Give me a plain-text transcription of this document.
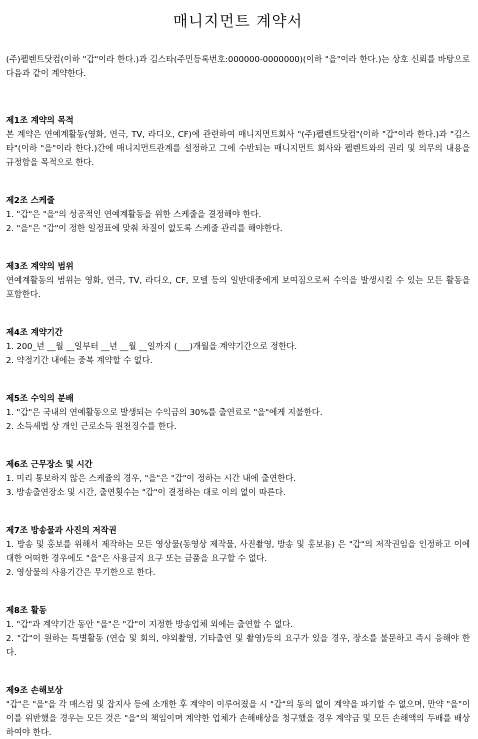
매니지먼트 계약서

(주)펠렌트닷컴(이하 "갑"이라 한다.)과 김스타(주민등록번호:000000-0000000)(이하 "을"이라 한다.)는 상호 신뢰를 바탕으로 다음과 같이 계약한다.

제1조 계약의 목적

본 계약은 연예계활동(영화, 연극, TV, 라디오, CF)에 관련하여 매니지먼트회사 "(주)펠렌트닷컴"(이하 "갑"이라 한다.)과 "김스타"(이하 "을"이라 한다.)간에 매니지먼트관계를 설정하고 그에 수반되는 매니지먼트 회사와 펠렌트와의 권리 및 의무의 내용을 규정함을 목적으로 한다.

제2조 스케줄

1. "갑"은 "을"의 성공적인 연예계활동을 위한 스케줄을 결정해야 한다.

2. "을"은 "갑"이 정한 일정표에 맞춰 차질이 없도록 스케줄 관리를 해야한다.

제3조 계약의 범위

연예계활동의 범위는 영화, 연극, TV, 라디오, CF, 모델 등의 일반대중에게 보여짐으로써 수익을 발생시킬 수 있는 모든 활동을 포함한다.

제4조 계약기간

1. 200_년 __월 __일부터 __년 __월 __일까지 (___)개월을 계약기간으로 정한다.

2. 약정기간 내에는 중복 계약할 수 없다.

제5조 수익의 분배

1. "갑"은 국내의 연예활동으로 발생되는 수익금의 30%를 출연료로 "을"에게 지불한다.

2. 소득세법 상 개인 근로소득 원천징수를 한다.

제6조 근무장소 및 시간

1. 미리 통보하지 않은 스케쥴의 경우, "을"은 "갑"이 정하는 시간 내에 출연한다.

3. 방송출연장소 및 시간, 출연횟수는 "갑"이 결정하는 대로 이의 없이 따른다.

제7조 방송물과 사진의 저작권

1. 방송 및 홍보를 위해서 제작하는 모든 영상물(동영상 제작물, 사진촬영, 방송 및 홍보용) 은 "갑"의 저작권임을 인정하고 이에 대한 어떠한 경우에도 "을"은 사용금지 요구 또는 금품을 요구할 수 없다.

2. 영상물의 사용기간은 무기한으로 한다.

제8조 활동

1. "갑"과 계약기간 동안 "을"은 "갑"이 지정한 방송업체 외에는 출연할 수 없다.

2. "갑"이 원하는 특별활동 (연습 및 회의, 야외촬영, 기타출연 및 촬영)등의 요구가 있을 경우, 장소를 불문하고 즉시 응해야 한다.

제9조 손해보상

"갑"은 "을"을 각 매스컴 및 잡지사 등에 소개한 후 계약이 이루어졌을 시 "갑"의 동의 없이 계약을 파기할 수 없으며, 만약 "을"이 이를 위반했을 경우는 모든 것은 "을"의 책임이며 계약한 업체가 손해배상을 청구했을 경우 계약금 및 모든 손해액의 두배를 배상하여야 한다.
